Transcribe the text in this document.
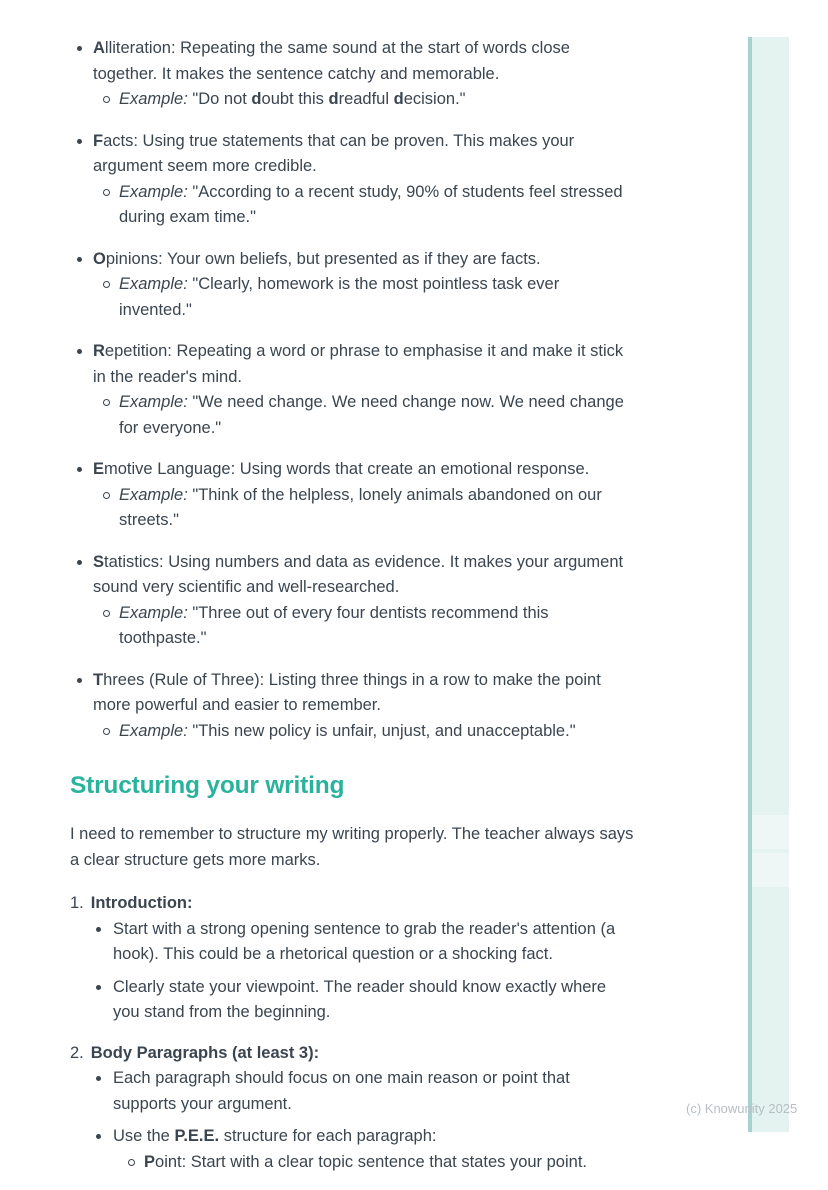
Alliteration: Repeating the same sound at the start of words close together. It makes the sentence catchy and memorable.
Example: "Do not doubt this dreadful decision."
Facts: Using true statements that can be proven. This makes your argument seem more credible.
Example: "According to a recent study, 90% of students feel stressed during exam time."
Opinions: Your own beliefs, but presented as if they are facts.
Example: "Clearly, homework is the most pointless task ever invented."
Repetition: Repeating a word or phrase to emphasise it and make it stick in the reader's mind.
Example: "We need change. We need change now. We need change for everyone."
Emotive Language: Using words that create an emotional response.
Example: "Think of the helpless, lonely animals abandoned on our streets."
Statistics: Using numbers and data as evidence. It makes your argument sound very scientific and well-researched.
Example: "Three out of every four dentists recommend this toothpaste."
Threes (Rule of Three): Listing three things in a row to make the point more powerful and easier to remember.
Example: "This new policy is unfair, unjust, and unacceptable."
Structuring your writing

I need to remember to structure my writing properly. The teacher always says a clear structure gets more marks.

1. Introduction:
Start with a strong opening sentence to grab the reader's attention (a hook). This could be a rhetorical question or a shocking fact.
Clearly state your viewpoint. The reader should know exactly where you stand from the beginning.
2. Body Paragraphs (at least 3):
Each paragraph should focus on one main reason or point that supports your argument.
Use the P.E.E. structure for each paragraph:
Point: Start with a clear topic sentence that states your point.
(c) Knowunity 2025
